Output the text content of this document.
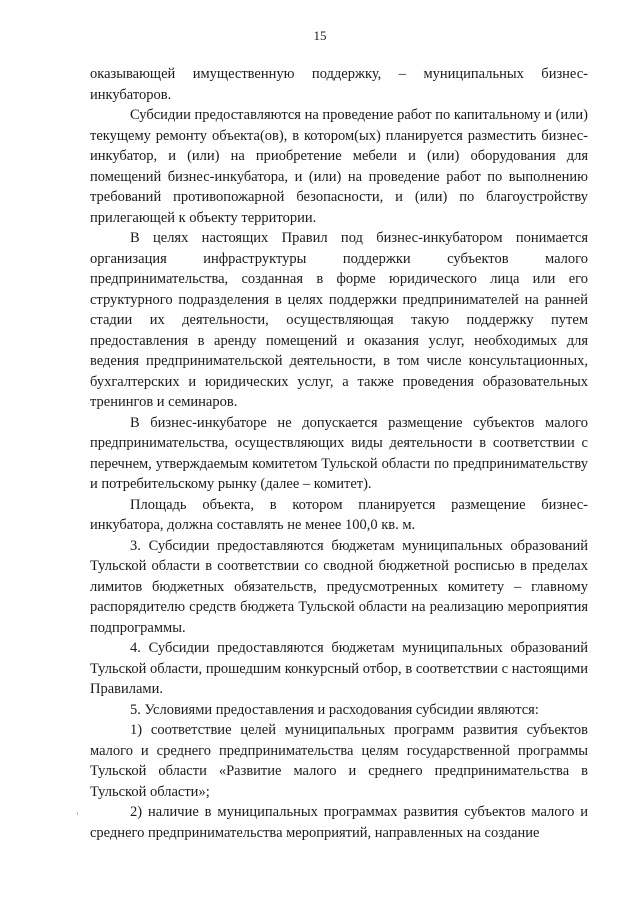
15

оказывающей имущественную поддержку, – муниципальных бизнес-инкубаторов.

Субсидии предоставляются на проведение работ по капитальному и (или) текущему ремонту объекта(ов), в котором(ых) планируется разместить бизнес-инкубатор, и (или) на приобретение мебели и (или) оборудования для помещений бизнес-инкубатора, и (или) на проведение работ по выполнению требований противопожарной безопасности, и (или) по благоустройству прилегающей к объекту территории.

В целях настоящих Правил под бизнес-инкубатором понимается организация инфраструктуры поддержки субъектов малого предпринимательства, созданная в форме юридического лица или его структурного подразделения в целях поддержки предпринимателей на ранней стадии их деятельности, осуществляющая такую поддержку путем предоставления в аренду помещений и оказания услуг, необходимых для ведения предпринимательской деятельности, в том числе консультационных, бухгалтерских и юридических услуг, а также проведения образовательных тренингов и семинаров.

В бизнес-инкубаторе не допускается размещение субъектов малого предпринимательства, осуществляющих виды деятельности в соответствии с перечнем, утверждаемым комитетом Тульской области по предпринимательству и потребительскому рынку (далее – комитет).

Площадь объекта, в котором планируется размещение бизнес-инкубатора, должна составлять не менее 100,0 кв. м.

3. Субсидии предоставляются бюджетам муниципальных образований Тульской области в соответствии со сводной бюджетной росписью в пределах лимитов бюджетных обязательств, предусмотренных комитету – главному распорядителю средств бюджета Тульской области на реализацию мероприятия подпрограммы.

4. Субсидии предоставляются бюджетам муниципальных образований Тульской области, прошедшим конкурсный отбор, в соответствии с настоящими Правилами.

5. Условиями предоставления и расходования субсидии являются:

1) соответствие целей муниципальных программ развития субъектов малого и среднего предпринимательства целям государственной программы Тульской области «Развитие малого и среднего предпринимательства в Тульской области»;

2) наличие в муниципальных программах развития субъектов малого и среднего предпринимательства мероприятий, направленных на создание
